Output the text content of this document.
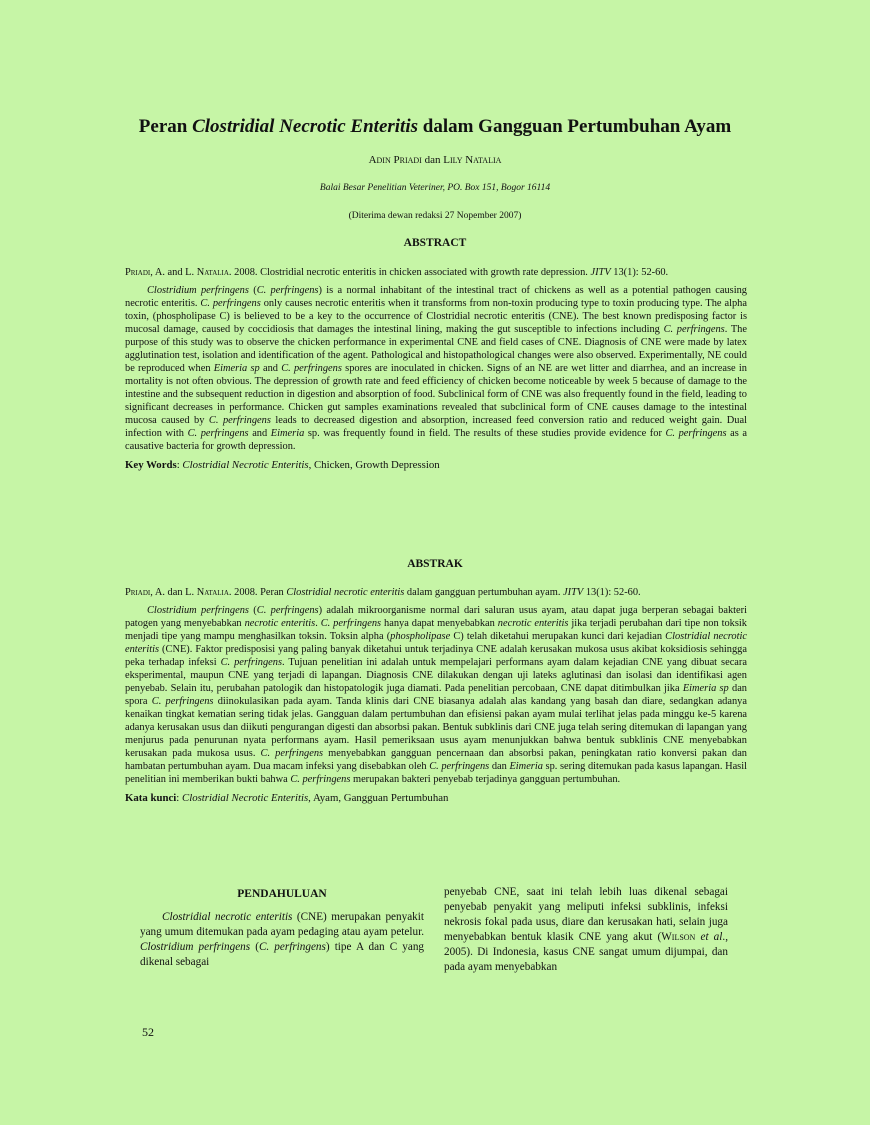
Peran Clostridial Necrotic Enteritis dalam Gangguan Pertumbuhan Ayam
Adin Priadi dan Lily Natalia
Balai Besar Penelitian Veteriner, PO. Box 151, Bogor 16114
(Diterima dewan redaksi 27 Nopember 2007)
ABSTRACT

Priadi, A. and L. Natalia. 2008. Clostridial necrotic enteritis in chicken associated with growth rate depression. JITV 13(1): 52-60.

Clostridium perfringens (C. perfringens) is a normal inhabitant of the intestinal tract of chickens as well as a potential pathogen causing necrotic enteritis. C. perfringens only causes necrotic enteritis when it transforms from non-toxin producing type to toxin producing type. The alpha toxin, (phospholipase C) is believed to be a key to the occurrence of Clostridial necrotic enteritis (CNE). The best known predisposing factor is mucosal damage, caused by coccidiosis that damages the intestinal lining, making the gut susceptible to infections including C. perfringens. The purpose of this study was to observe the chicken performance in experimental CNE and field cases of CNE. Diagnosis of CNE were made by latex agglutination test, isolation and identification of the agent. Pathological and histopathological changes were also observed. Experimentally, NE could be reproduced when Eimeria sp and C. perfringens spores are inoculated in chicken. Signs of an NE are wet litter and diarrhea, and an increase in mortality is not often obvious. The depression of growth rate and feed efficiency of chicken become noticeable by week 5 because of damage to the intestine and the subsequent reduction in digestion and absorption of food. Subclinical form of CNE was also frequently found in the field, leading to significant decreases in performance. Chicken gut samples examinations revealed that subclinical form of CNE causes damage to the intestinal mucosa caused by C. perfringens leads to decreased digestion and absorption, increased feed conversion ratio and reduced weight gain. Dual infection with C. perfringens and Eimeria sp. was frequently found in field. The results of these studies provide evidence for C. perfringens as a causative bacteria for growth depression.

Key Words: Clostridial Necrotic Enteritis, Chicken, Growth Depression

ABSTRAK

Priadi, A. dan L. Natalia. 2008. Peran Clostridial necrotic enteritis dalam gangguan pertumbuhan ayam. JITV 13(1): 52-60.

Clostridium perfringens (C. perfringens) adalah mikroorganisme normal dari saluran usus ayam, atau dapat juga berperan sebagai bakteri patogen yang menyebabkan necrotic enteritis. C. perfringens hanya dapat menyebabkan necrotic enteritis jika terjadi perubahan dari tipe non toksik menjadi tipe yang mampu menghasilkan toksin. Toksin alpha (phospholipase C) telah diketahui merupakan kunci dari kejadian Clostridial necrotic enteritis (CNE). Faktor predisposisi yang paling banyak diketahui untuk terjadinya CNE adalah kerusakan mukosa usus akibat koksidiosis sehingga peka terhadap infeksi C. perfringens. Tujuan penelitian ini adalah untuk mempelajari performans ayam dalam kejadian CNE yang dibuat secara eksperimental, maupun CNE yang terjadi di lapangan. Diagnosis CNE dilakukan dengan uji lateks aglutinasi dan isolasi dan identifikasi agen penyebab. Selain itu, perubahan patologik dan histopatologik juga diamati. Pada penelitian percobaan, CNE dapat ditimbulkan jika Eimeria sp dan spora C. perfringens diinokulasikan pada ayam. Tanda klinis dari CNE biasanya adalah alas kandang yang basah dan diare, sedangkan adanya kenaikan tingkat kematian sering tidak jelas. Gangguan dalam pertumbuhan dan efisiensi pakan ayam mulai terlihat jelas pada minggu ke-5 karena adanya kerusakan usus dan diikuti pengurangan digesti dan absorbsi pakan. Bentuk subklinis dari CNE juga telah sering ditemukan di lapangan yang menjurus pada penurunan nyata performans ayam. Hasil pemeriksaan usus ayam menunjukkan bahwa bentuk subklinis CNE menyebabkan kerusakan pada mukosa usus. C. perfringens menyebabkan gangguan pencernaan dan absorbsi pakan, peningkatan ratio konversi pakan dan hambatan pertumbuhan ayam. Dua macam infeksi yang disebabkan oleh C. perfringens dan Eimeria sp. sering ditemukan pada kasus lapangan. Hasil penelitian ini memberikan bukti bahwa C. perfringens merupakan bakteri penyebab terjadinya gangguan pertumbuhan.

Kata kunci: Clostridial Necrotic Enteritis, Ayam, Gangguan Pertumbuhan

PENDAHULUAN

Clostridial necrotic enteritis (CNE) merupakan penyakit yang umum ditemukan pada ayam pedaging atau ayam petelur. Clostridium perfringens (C. perfringens) tipe A dan C yang dikenal sebagai

penyebab CNE, saat ini telah lebih luas dikenal sebagai penyebab penyakit yang meliputi infeksi subklinis, infeksi nekrosis fokal pada usus, diare dan kerusakan hati, selain juga menyebabkan bentuk klasik CNE yang akut (Wilson et al., 2005). Di Indonesia, kasus CNE sangat umum dijumpai, dan pada ayam menyebabkan

52
